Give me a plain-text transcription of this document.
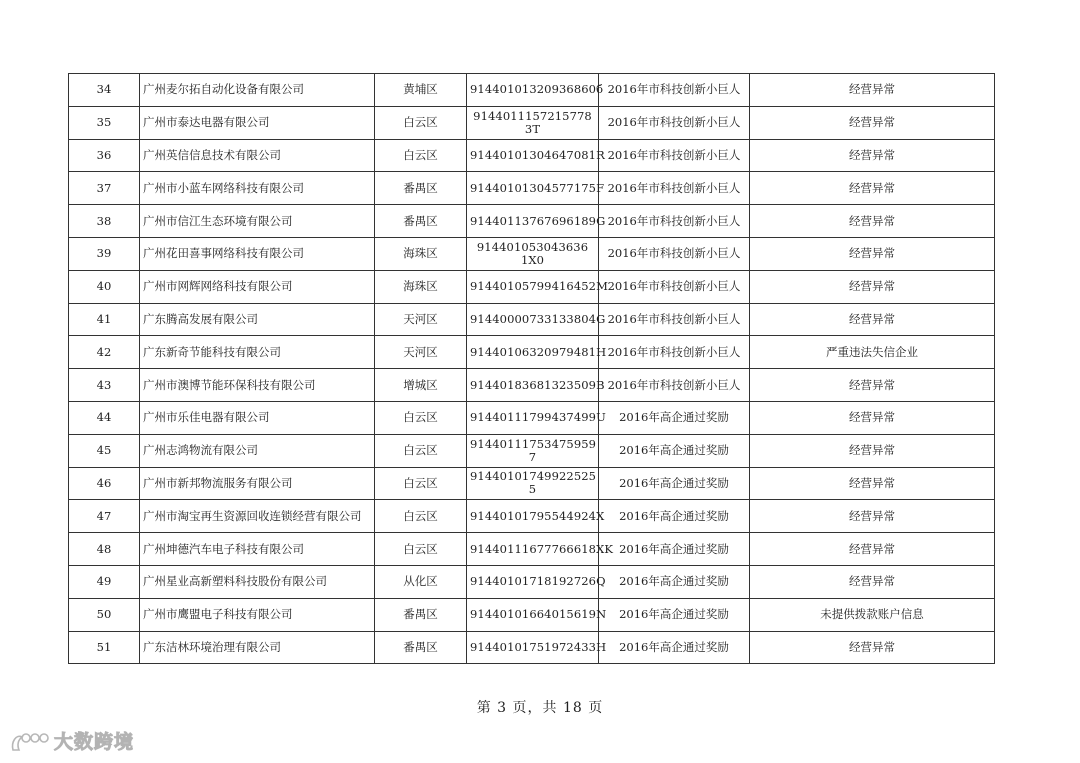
34	广州麦尔拓自动化设备有限公司	黄埔区	91440101320936860б	2016年市科技创新小巨人	经营异常
35	广州市泰达电器有限公司	白云区	9144011157215778​3T	2016年市科技创新小巨人	经营异常
36	广州英信信息技术有限公司	白云区	91440101304647081R	2016年市科技创新小巨人	经营异常
37	广州市小蓝车网络科技有限公司	番禺区	91440101304577175F	2016年市科技创新小巨人	经营异常
38	广州市信江生态环境有限公司	番禺区	91440113767696189G	2016年市科技创新小巨人	经营异常
39	广州花田喜事网络科技有限公司	海珠区	914401053043636​1X0	2016年市科技创新小巨人	经营异常
40	广州市网辉网络科技有限公司	海珠区	91440105799416452M	2016年市科技创新小巨人	经营异常
41	广东腾高发展有限公司	天河区	91440000733133804G	2016年市科技创新小巨人	经营异常
42	广东新奇节能科技有限公司	天河区	91440106320979481H	2016年市科技创新小巨人	严重违法失信企业
43	广州市澳博节能环保科技有限公司	增城区	91440183681323509B	2016年市科技创新小巨人	经营异常
44	广州市乐佳电器有限公司	白云区	91440111799437499U	2016年高企通过奖励	经营异常
45	广州志鸿物流有限公司	白云区	91440111753475959​7	2016年高企通过奖励	经营异常
46	广州市新邦物流服务有限公司	白云区	91440101749922525​5	2016年高企通过奖励	经营异常
47	广州市淘宝再生资源回收连锁经营有限公司	白云区	91440101795544924X	2016年高企通过奖励	经营异常
48	广州坤德汽车电子科技有限公司	白云区	91440111677766618XK	2016年高企通过奖励	经营异常
49	广州星业高新塑料科技股份有限公司	从化区	91440101718192726Q	2016年高企通过奖励	经营异常
50	广州市鹰盟电子科技有限公司	番禺区	91440101664015619N	2016年高企通过奖励	未提供拨款账户信息
51	广东洁林环境治理有限公司	番禺区	91440101751972433H	2016年高企通过奖励	经营异常
第 3 页，共 18 页
大数跨境
